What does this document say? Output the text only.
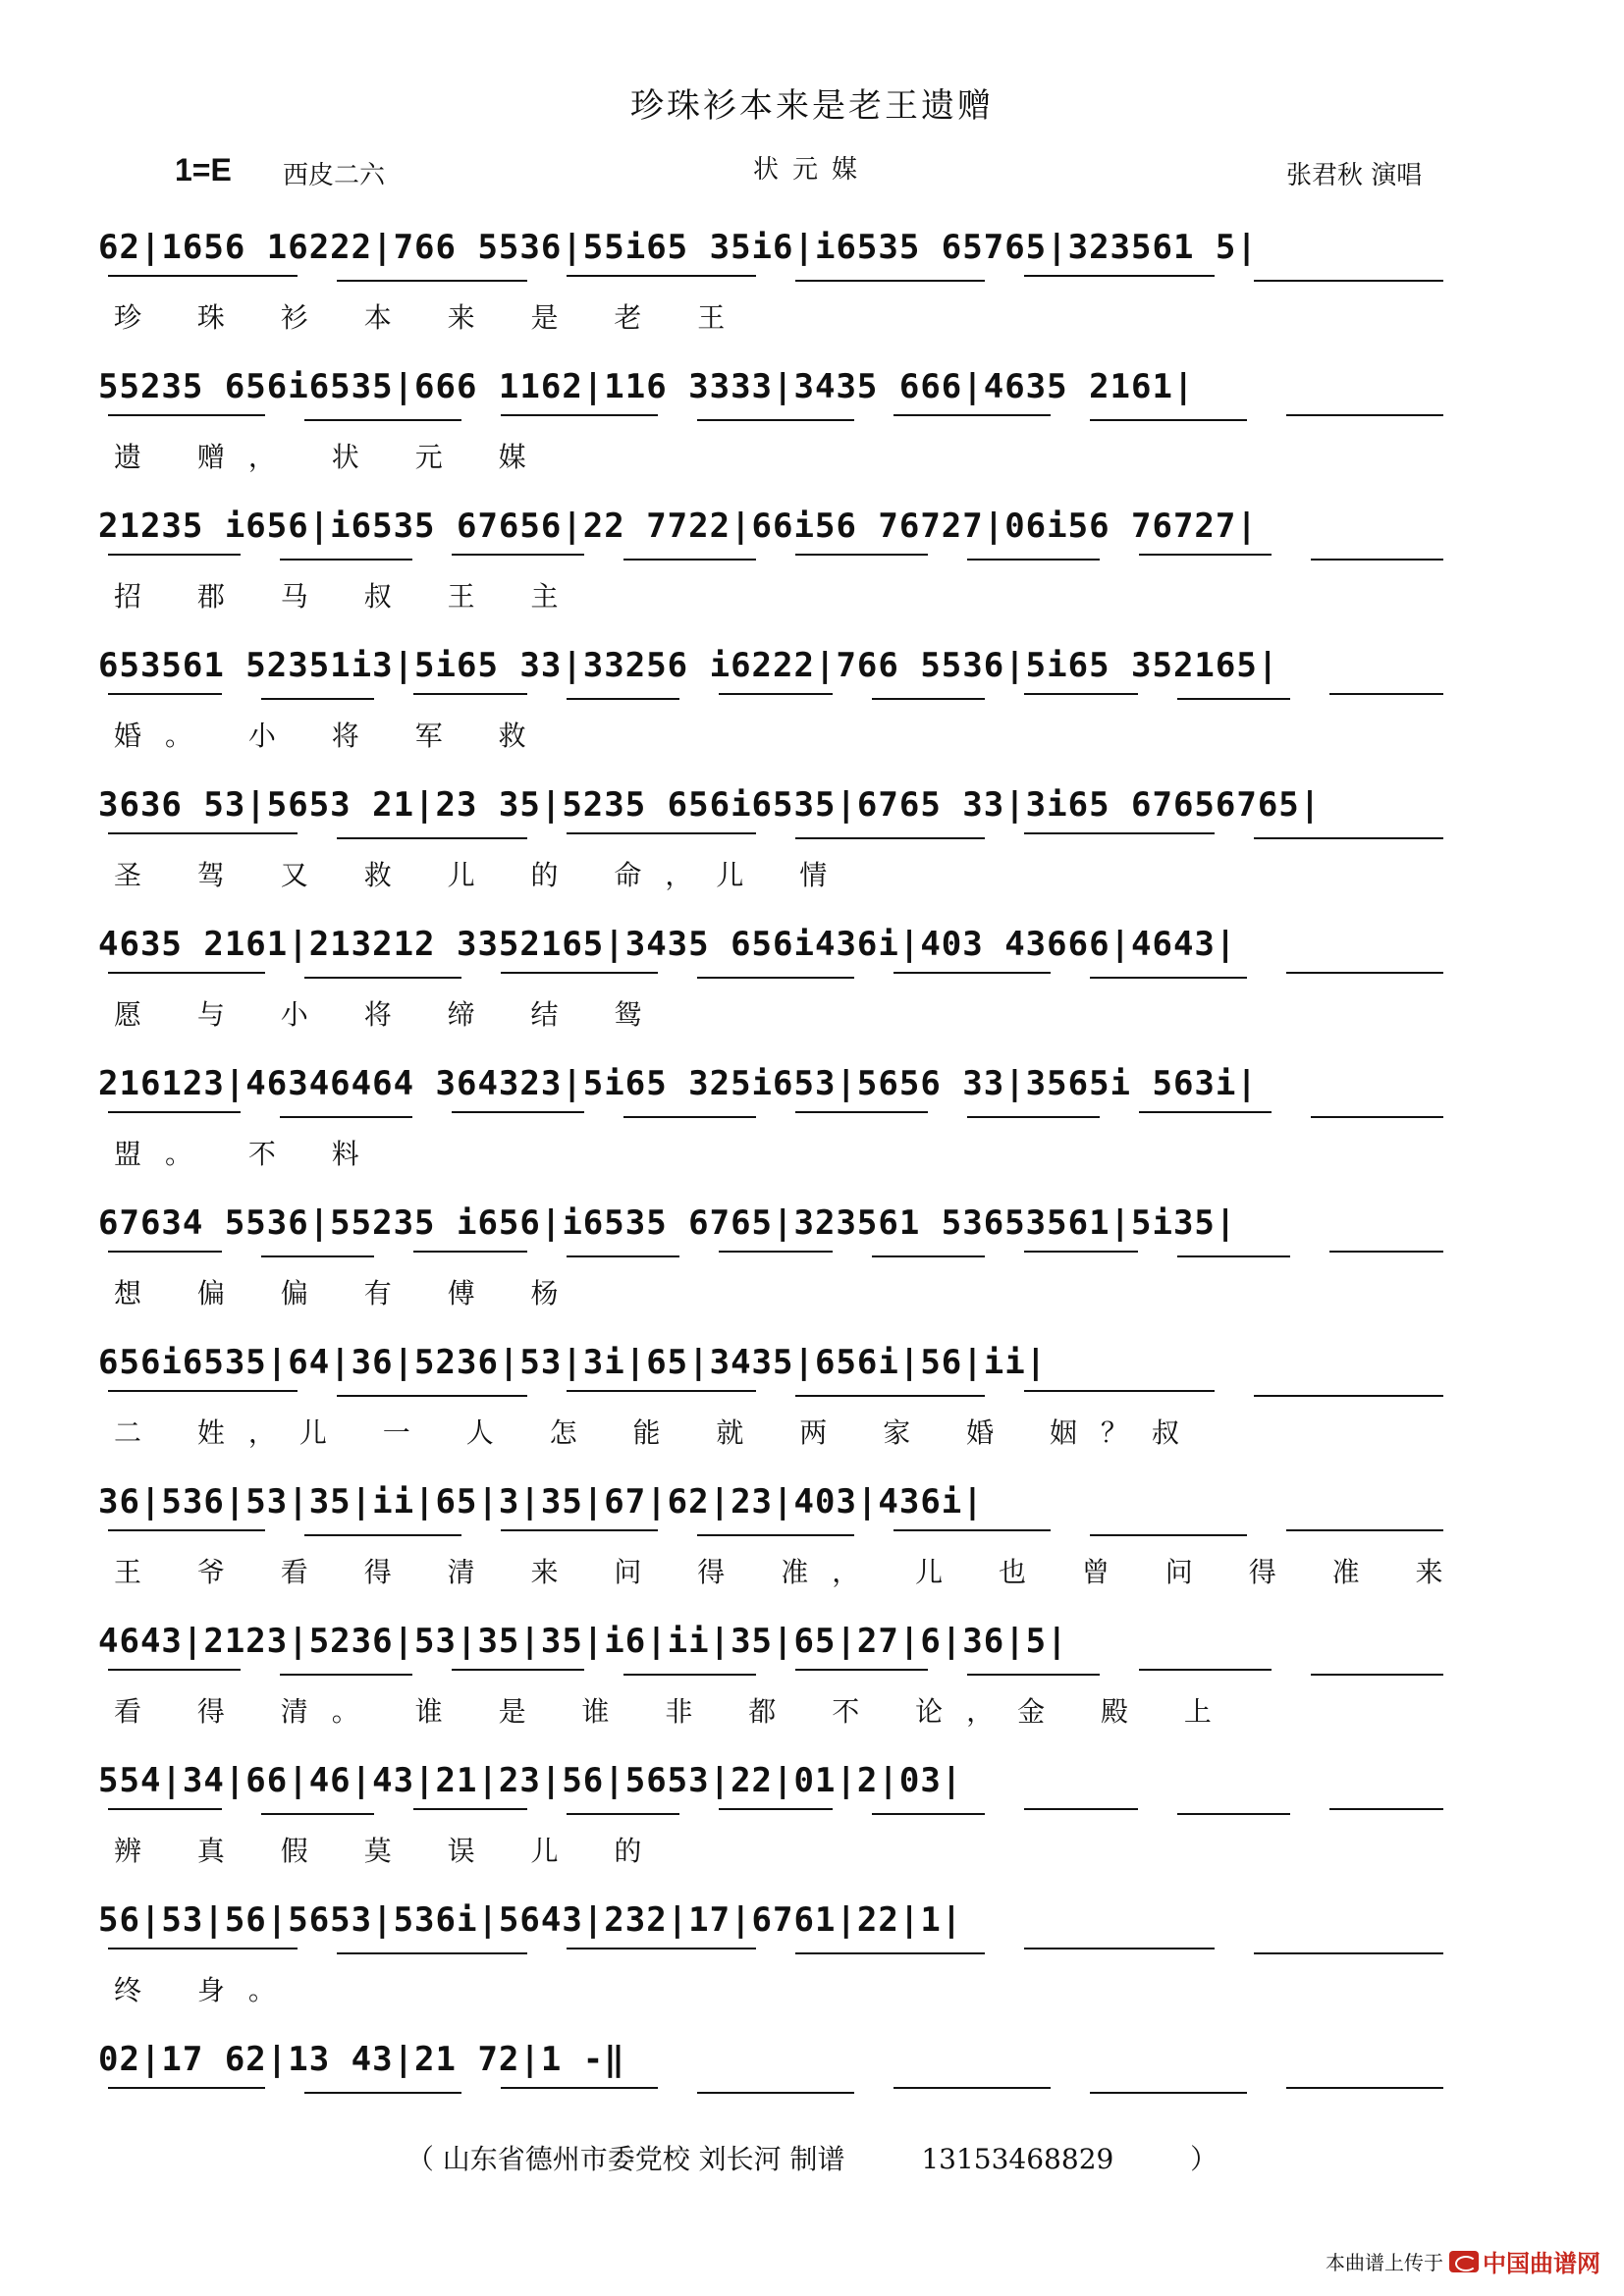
珍珠衫本来是老王遗赠
1=E 西皮二六	状元媒	张君秋 演唱
62|1656 16222|766 5536|55i65 35i6|i6535 65765|323561 5|
珍 珠 衫 本 来 是 老 王
55235 656i6535|666 1162|116 3333|3435 666|4635 2161|
遗 赠， 状 元 媒
21235 i656|i6535 67656|22 7722|66i56 76727|06i56 76727|
招 郡 马 叔 王 主
653561 52351i3|5i65 33|33256 i6222|766 5536|5i65 352165|
婚。 小 将 军 救
3636 53|5653 21|23 35|5235 656i6535|6765 33|3i65 67656765|
圣 驾 又 救 儿 的 命，儿 情
4635 2161|213212 3352165|3435 656i436i|403 43666|4643|
愿 与 小 将 缔 结 鸳
216123|46346464 364323|5i65 325i653|5656 33|3565i 563i|
盟。 不 料
67634 5536|55235 i656|i6535 6765|323561 53653561|5i35|
想 偏 偏 有 傅 杨
656i6535|64|36|5236|53|3i|65|3435|656i|56|ii|
二 姓，儿 一 人 怎 能 就 两 家 婚 姻？叔
36|536|53|35|ii|65|3|35|67|62|23|403|436i|
王 爷 看 得 清 来 问 得 准， 儿 也 曾 问 得 准 来
4643|2123|5236|53|35|35|i6|ii|35|65|27|6|36|5|
看 得 清。 谁 是 谁 非 都 不 论，金 殿 上
554|34|66|46|43|21|23|56|5653|22|01|2|03|
辨 真 假 莫 误 儿 的
56|53|56|5653|536i|5643|232|17|6761|22|1|
终 身。
02|17 62|13 43|21 72|1 -‖
（ 山东省德州市委党校 刘长河 制谱	13153468829	）
本曲谱上传于 中国曲谱网
